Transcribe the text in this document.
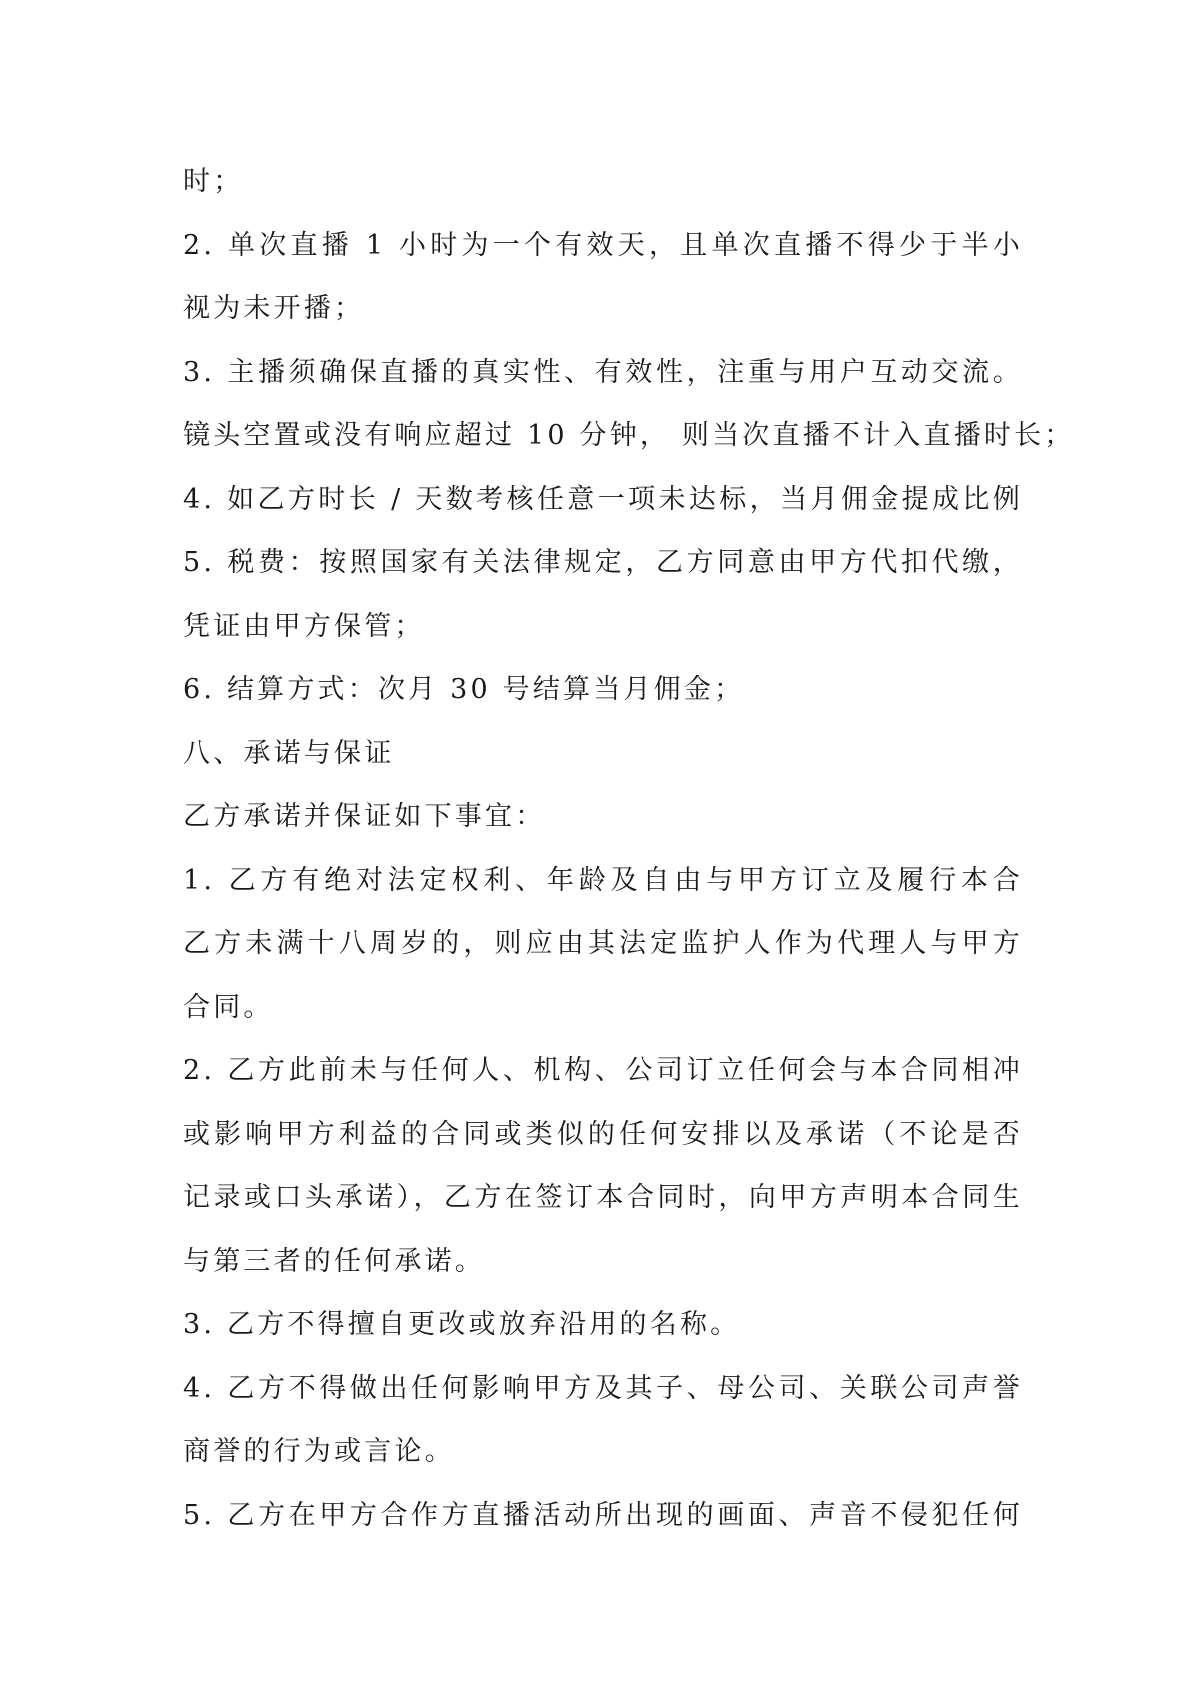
时；
2. 单次直播 1 小时为一个有效天，且单次直播不得少于半小
视为未开播；
3. 主播须确保直播的真实性、有效性，注重与用户互动交流。
镜头空置或没有响应超过 10 分钟， 则当次直播不计入直播时长；
4. 如乙方时长 / 天数考核任意一项未达标，当月佣金提成比例
5. 税费：按照国家有关法律规定，乙方同意由甲方代扣代缴，
凭证由甲方保管；
6. 结算方式：次月 30 号结算当月佣金；
八、承诺与保证
乙方承诺并保证如下事宜：
1. 乙方有绝对法定权利、年龄及自由与甲方订立及履行本合
乙方未满十八周岁的，则应由其法定监护人作为代理人与甲方
合同。
2. 乙方此前未与任何人、机构、公司订立任何会与本合同相冲
或影响甲方利益的合同或类似的任何安排以及承诺（不论是否
记录或口头承诺），乙方在签订本合同时，向甲方声明本合同生
与第三者的任何承诺。
3. 乙方不得擅自更改或放弃沿用的名称。
4. 乙方不得做出任何影响甲方及其子、母公司、关联公司声誉
商誉的行为或言论。
5. 乙方在甲方合作方直播活动所出现的画面、声音不侵犯任何
